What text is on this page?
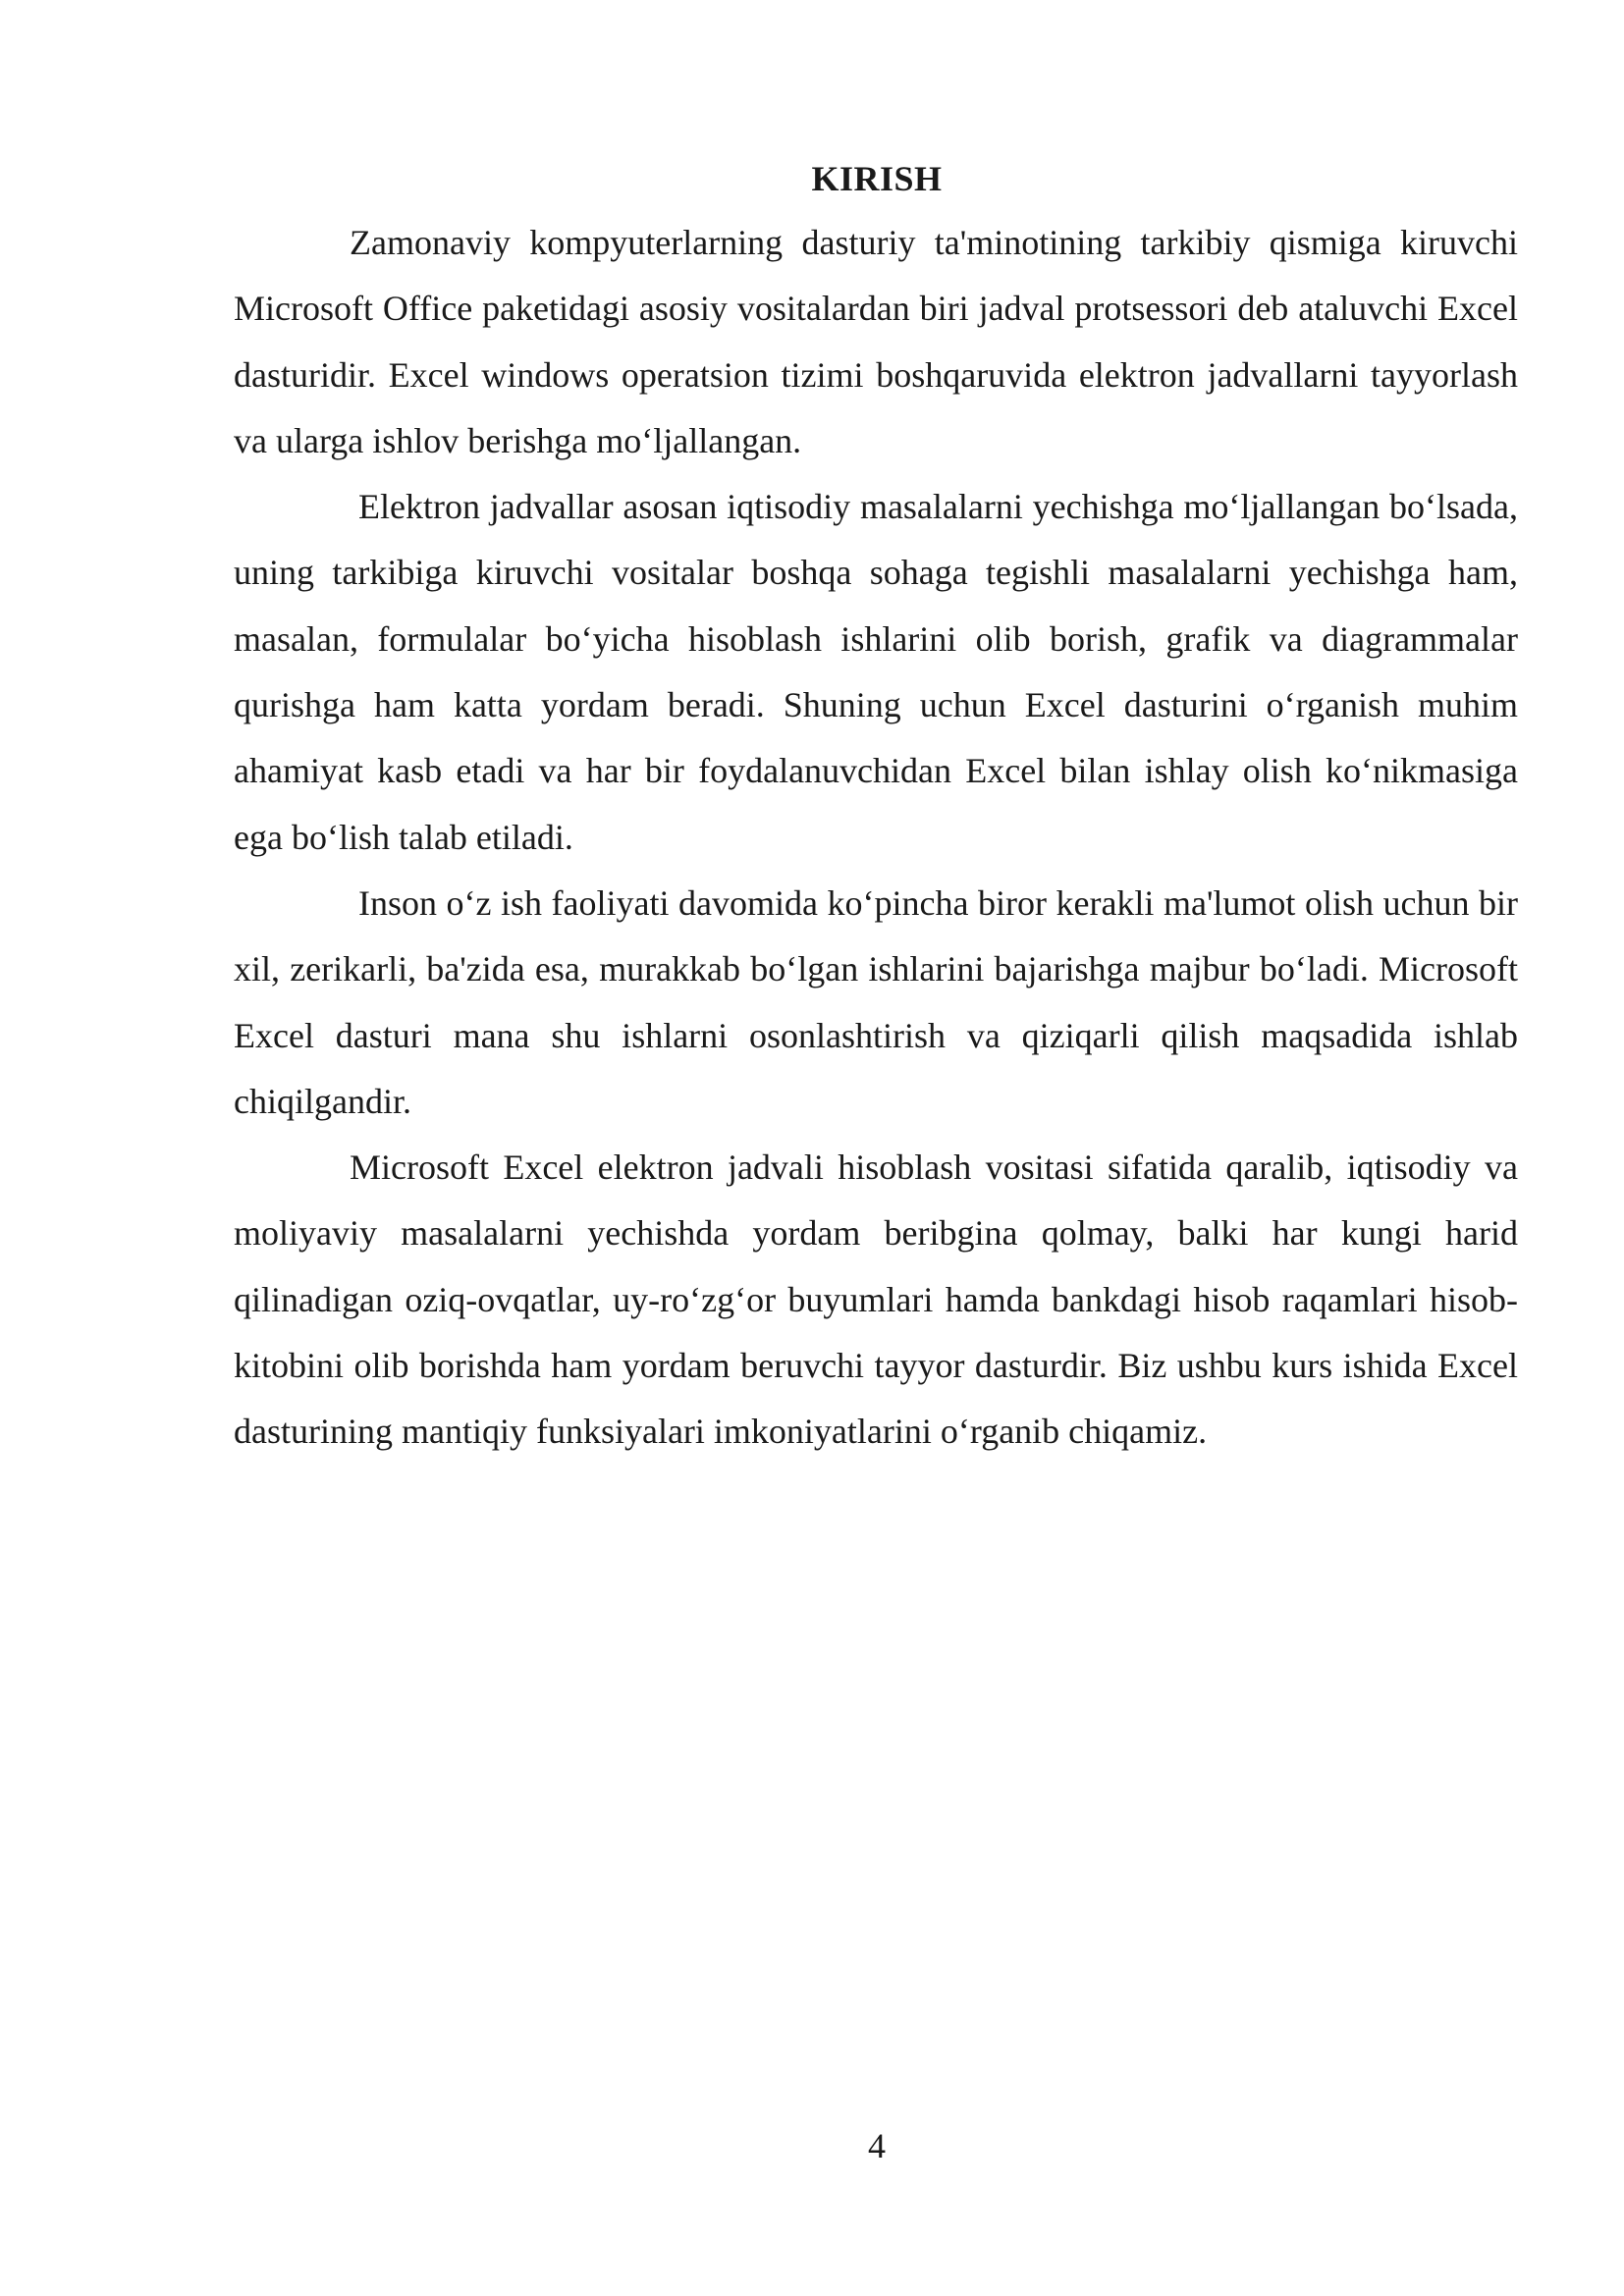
KIRISH

Zamonaviy kompyuterlarning dasturiy ta'minotining tarkibiy qismiga kiruvchi Microsoft Office paketidagi asosiy vositalardan biri jadval protsessori deb ataluvchi Excel dasturidir. Excel windows operatsion tizimi boshqaruvida elektron jadvallarni tayyorlash va ularga ishlov berishga mo‘ljallangan.

Elektron jadvallar asosan iqtisodiy masalalarni yechishga mo‘ljallangan bo‘lsada, uning tarkibiga kiruvchi vositalar boshqa sohaga tegishli masalalarni yechishga ham, masalan, formulalar bo‘yicha hisoblash ishlarini olib borish, grafik va diagrammalar qurishga ham katta yordam beradi. Shuning uchun Excel dasturini o‘rganish muhim ahamiyat kasb etadi va har bir foydalanuvchidan Excel bilan ishlay olish ko‘nikmasiga ega bo‘lish talab etiladi.

Inson o‘z ish faoliyati davomida ko‘pincha biror kerakli ma'lumot olish uchun bir xil, zerikarli, ba'zida esa, murakkab bo‘lgan ishlarini bajarishga majbur bo‘ladi. Microsoft Excel dasturi mana shu ishlarni osonlashtirish va qiziqarli qilish maqsadida ishlab chiqilgandir.

Microsoft Excel elektron jadvali hisoblash vositasi sifatida qaralib, iqtisodiy va moliyaviy masalalarni yechishda yordam beribgina qolmay, balki har kungi harid qilinadigan oziq-ovqatlar, uy-ro‘zg‘or buyumlari hamda bankdagi hisob raqamlari hisob-kitobini olib borishda ham yordam beruvchi tayyor dasturdir. Biz ushbu kurs ishida Excel dasturining mantiqiy funksiyalari imkoniyatlarini o‘rganib chiqamiz.

4
